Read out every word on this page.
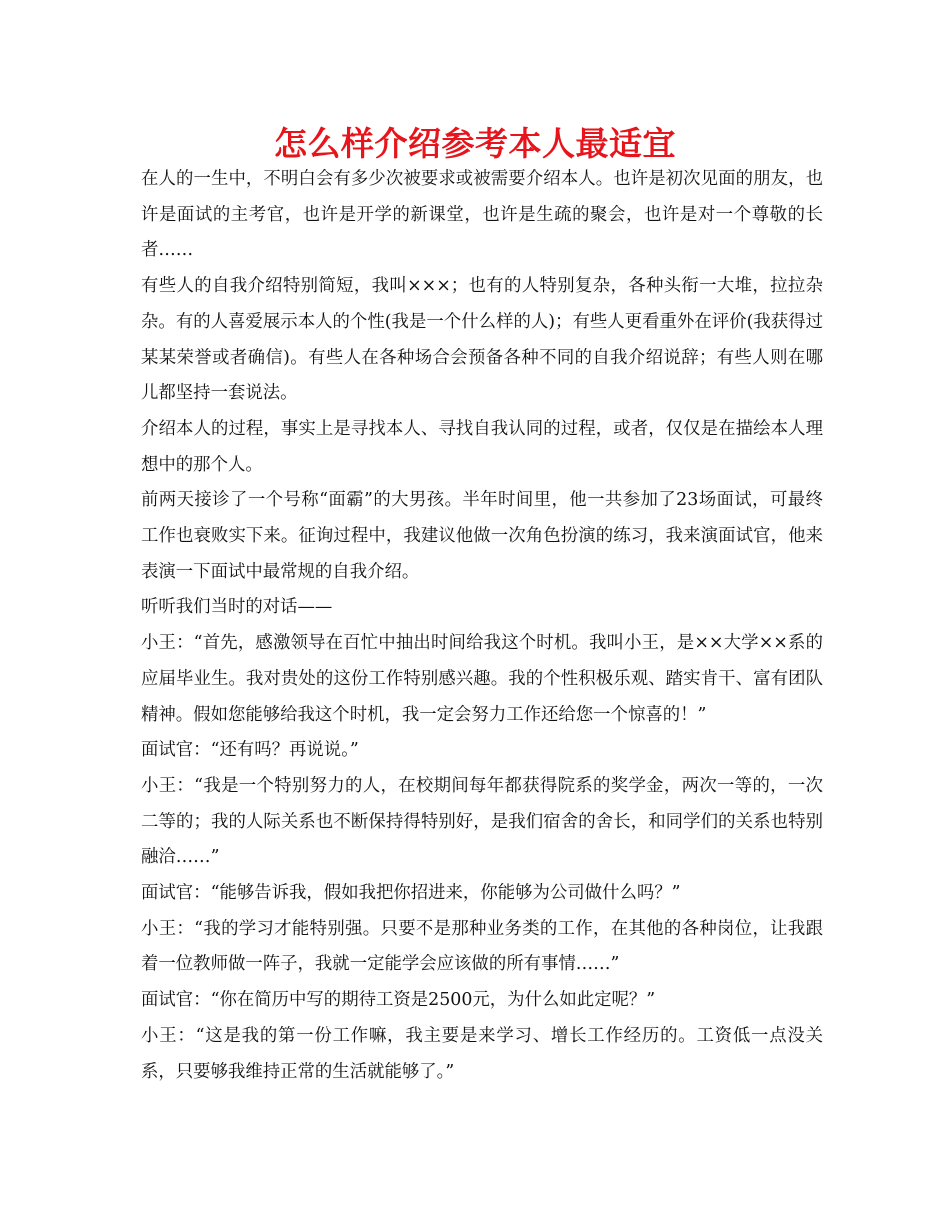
怎么样介绍参考本人最适宜

在人的一生中，不明白会有多少次被要求或被需要介绍本人。也许是初次见面的朋友，也许是面试的主考官，也许是开学的新课堂，也许是生疏的聚会，也许是对一个尊敬的长者……

有些人的自我介绍特别简短，我叫×××；也有的人特别复杂，各种头衔一大堆，拉拉杂杂。有的人喜爱展示本人的个性(我是一个什么样的人)；有些人更看重外在评价(我获得过某某荣誉或者确信)。有些人在各种场合会预备各种不同的自我介绍说辞；有些人则在哪儿都坚持一套说法。

介绍本人的过程，事实上是寻找本人、寻找自我认同的过程，或者，仅仅是在描绘本人理想中的那个人。

前两天接诊了一个号称“面霸”的大男孩。半年时间里，他一共参加了23场面试，可最终工作也衰败实下来。征询过程中，我建议他做一次角色扮演的练习，我来演面试官，他来表演一下面试中最常规的自我介绍。

听听我们当时的对话——

小王：“首先，感激领导在百忙中抽出时间给我这个时机。我叫小王，是××大学××系的应届毕业生。我对贵处的这份工作特别感兴趣。我的个性积极乐观、踏实肯干、富有团队精神。假如您能够给我这个时机，我一定会努力工作还给您一个惊喜的！”

面试官：“还有吗？再说说。”

小王：“我是一个特别努力的人，在校期间每年都获得院系的奖学金，两次一等的，一次二等的；我的人际关系也不断保持得特别好，是我们宿舍的舍长，和同学们的关系也特别融洽……”

面试官：“能够告诉我，假如我把你招进来，你能够为公司做什么吗？”

小王：“我的学习才能特别强。只要不是那种业务类的工作，在其他的各种岗位，让我跟着一位教师做一阵子，我就一定能学会应该做的所有事情……”

面试官：“你在简历中写的期待工资是2500元，为什么如此定呢？”

小王：“这是我的第一份工作嘛，我主要是来学习、增长工作经历的。工资低一点没关系，只要够我维持正常的生活就能够了。”
